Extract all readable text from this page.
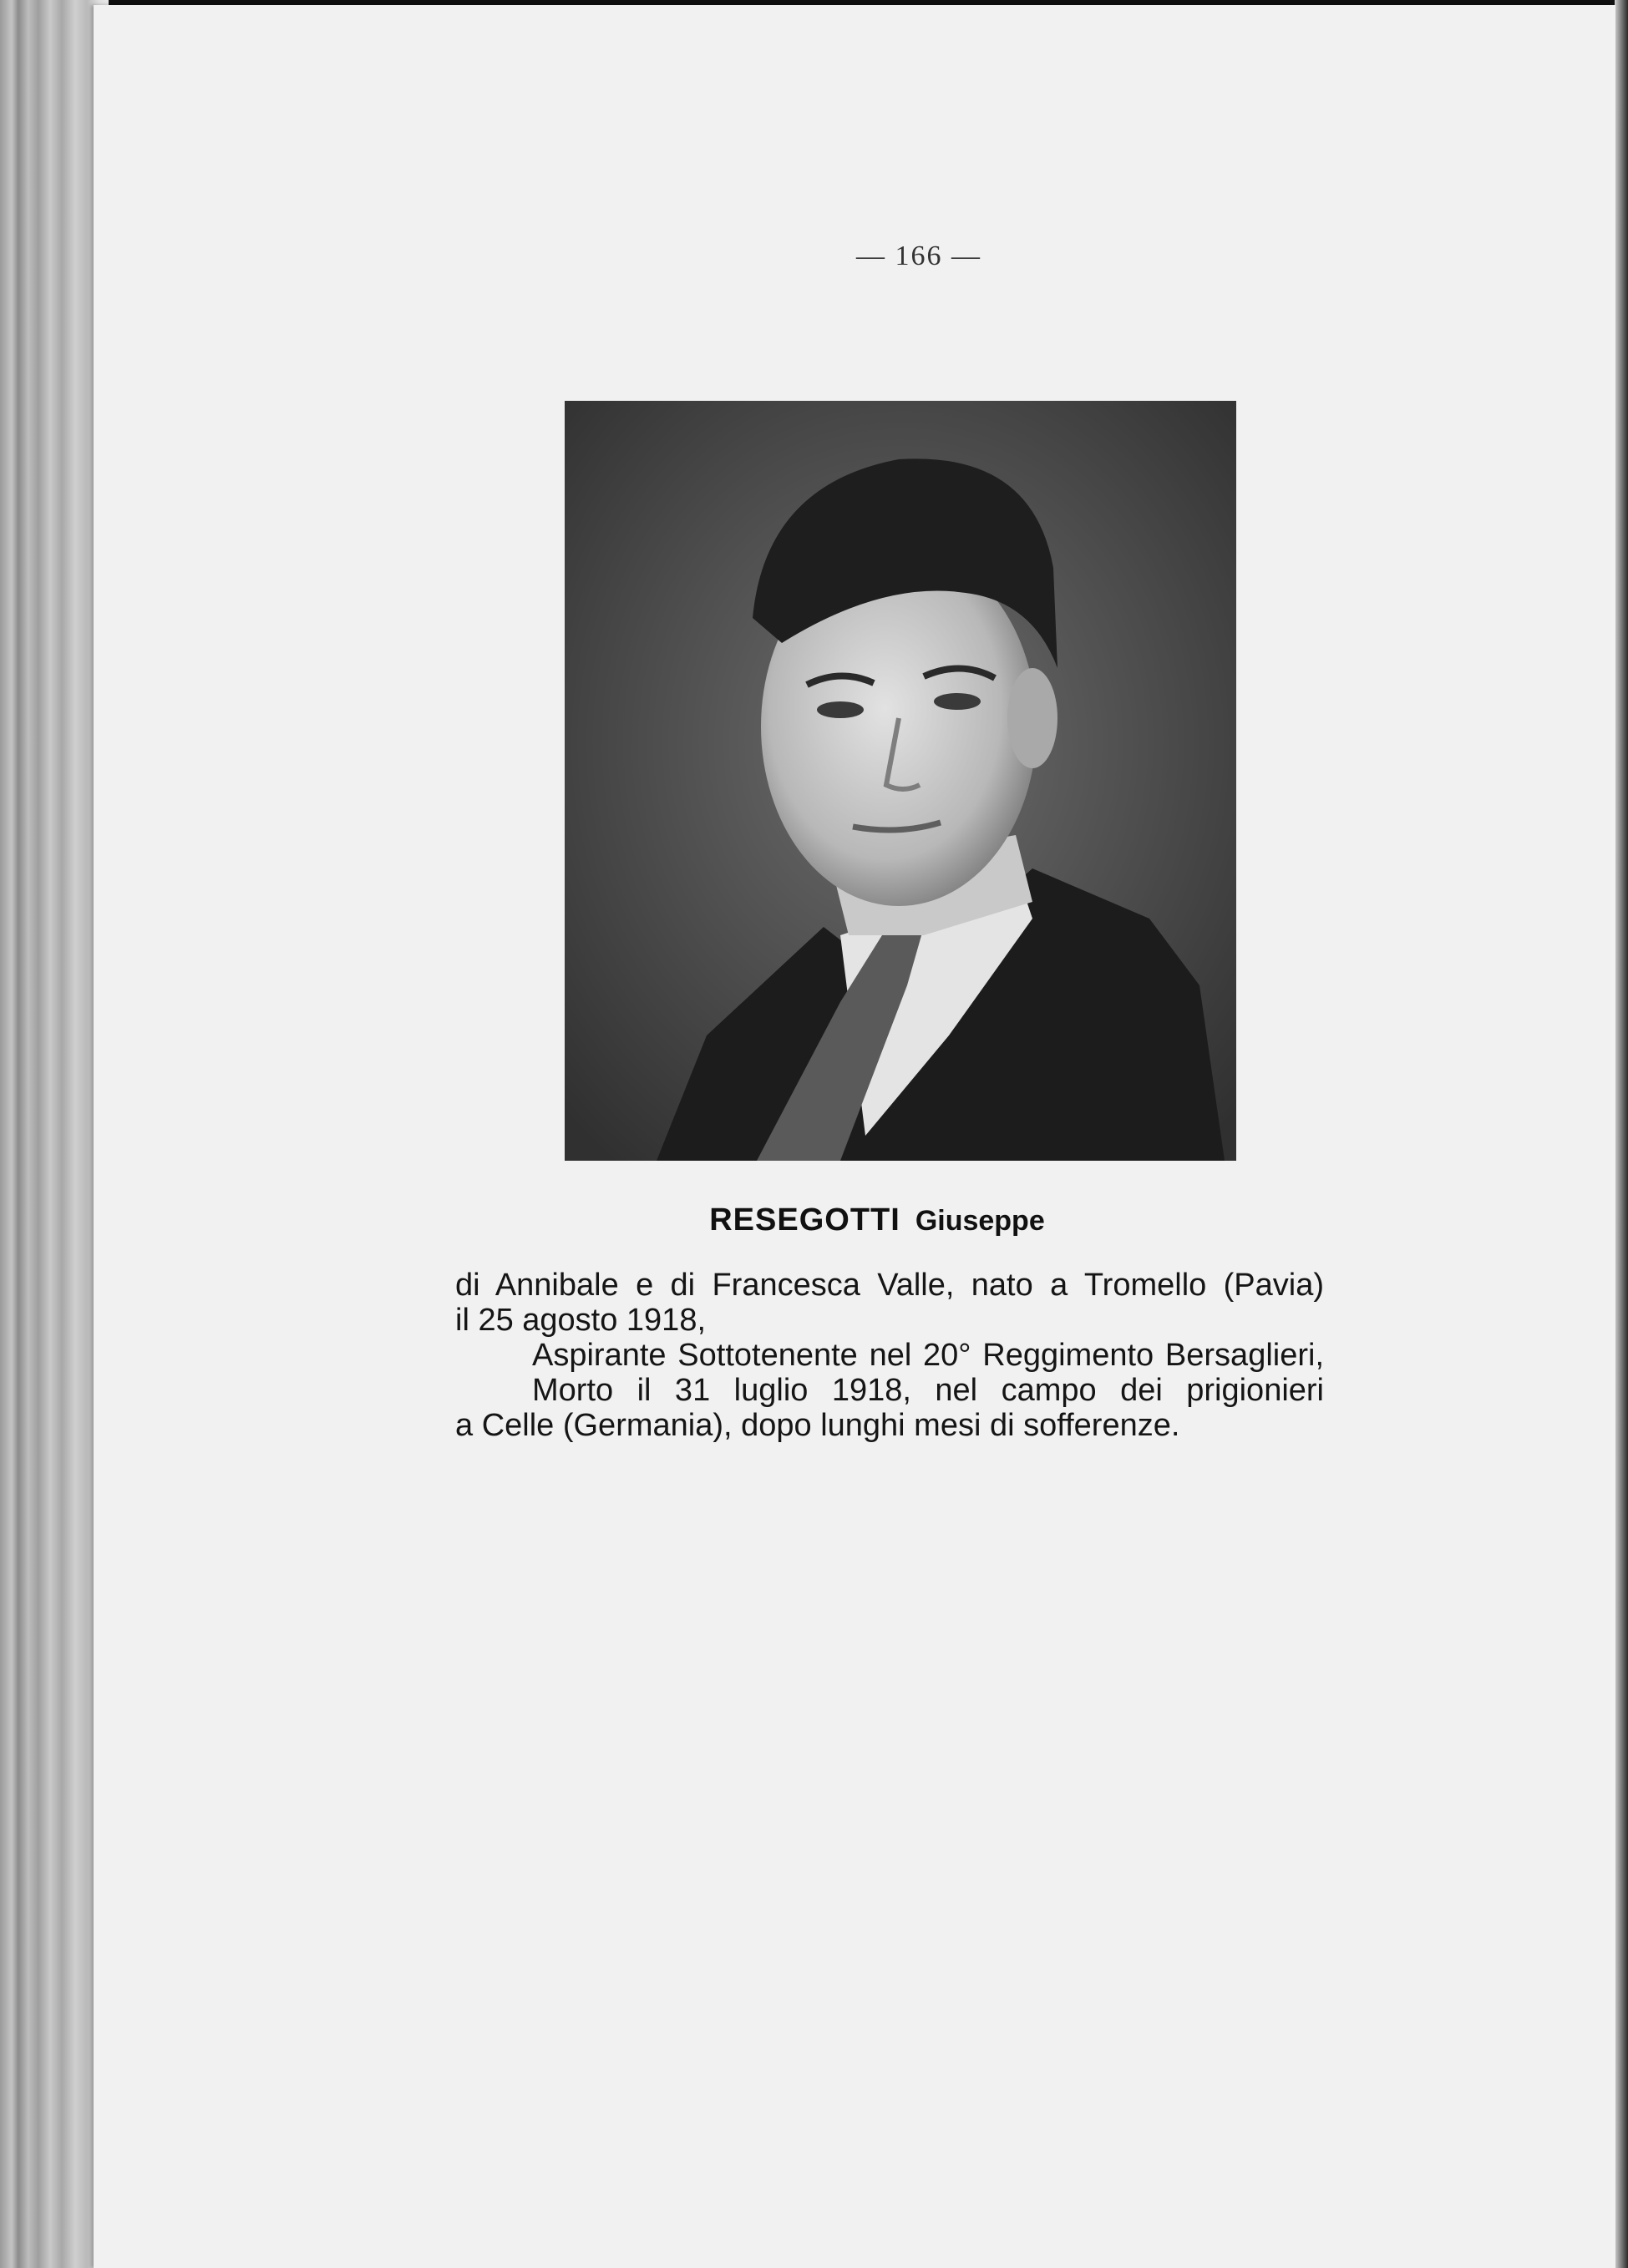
— 166 —
RESEGOTTI Giuseppe

di Annibale e di Francesca Valle, nato a Tromello (Pavia)

il 25 agosto 1918,

Aspirante Sottotenente nel 20° Reggimento Bersaglieri,

Morto il 31 luglio 1918, nel campo dei prigionieri

a Celle (Germania), dopo lunghi mesi di sofferenze.
